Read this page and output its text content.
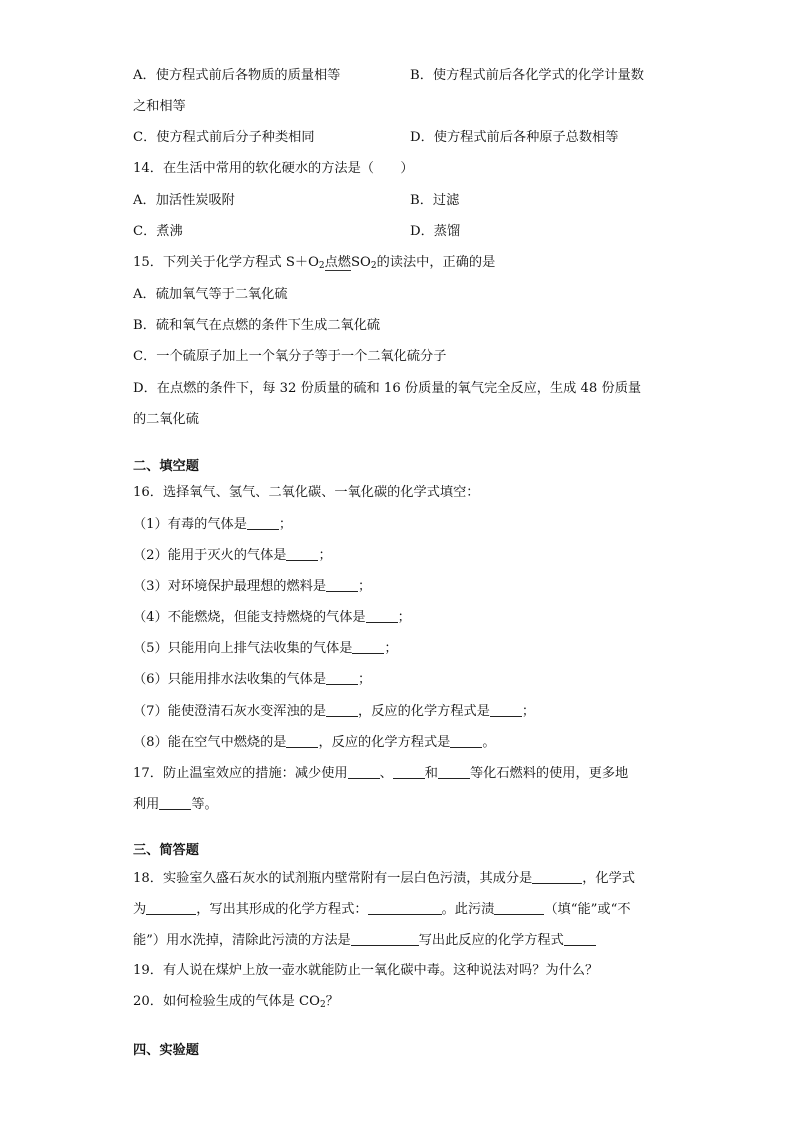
A．使方程式前后各物质的质量相等	B．使方程式前后各化学式的化学计量数
之和相等
C．使方程式前后分子种类相同	D．使方程式前后各种原子总数相等
14．在生活中常用的软化硬水的方法是（　　）
A．加活性炭吸附	B．过滤
C．煮沸	D．蒸馏
15．下列关于化学方程式 $S+O_2$点燃$SO_2$的读法中，正确的是
A．硫加氧气等于二氧化硫
B．硫和氧气在点燃的条件下生成二氧化硫
C．一个硫原子加上一个氧分子等于一个二氧化硫分子
D．在点燃的条件下，每 32 份质量的硫和 16 份质量的氧气完全反应，生成 48 份质量
的二氧化硫
二、填空题
16．选择氧气、氢气、二氧化碳、一氧化碳的化学式填空：
（1）有毒的气体是 ；
（2）能用于灭火的气体是 ；
（3）对环境保护最理想的燃料是 ；
（4）不能燃烧，但能支持燃烧的气体是 ；
（5）只能用向上排气法收集的气体是 ；
（6）只能用排水法收集的气体是 ；
（7）能使澄清石灰水变浑浊的是 ，反应的化学方程式是 ；
（8）能在空气中燃烧的是 ，反应的化学方程式是 。
17．防止温室效应的措施：减少使用 、 和 等化石燃料的使用，更多地
利用 等。
三、简答题
18．实验室久盛石灰水的试剂瓶内壁常附有一层白色污渍，其成分是	，化学式
为	，写出其形成的化学方程式：	。此污渍	（填“能”或“不
能”）用水洗掉，清除此污渍的方法是	写出此反应的化学方程式
19．有人说在煤炉上放一壶水就能防止一氧化碳中毒。这种说法对吗？为什么？
20．如何检验生成的气体是 $CO_2$？
四、实验题
